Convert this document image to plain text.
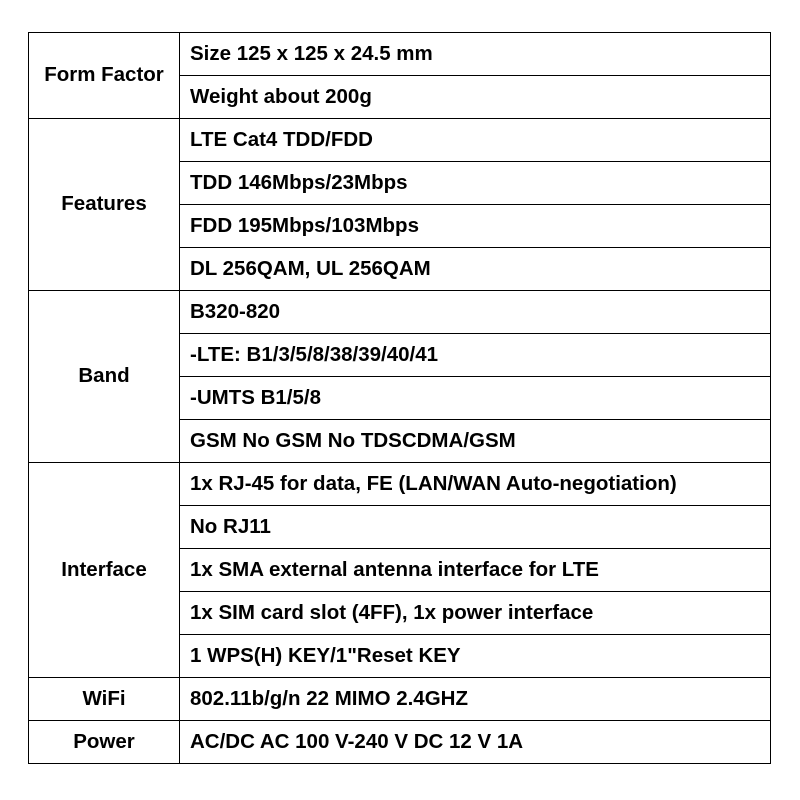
Form Factor	Size 125 x 125 x 24.5 mm
	Weight about 200g
Features	LTE Cat4 TDD/FDD
	TDD 146Mbps/23Mbps
	FDD 195Mbps/103Mbps
	DL 256QAM, UL 256QAM
Band	B320-820
	-LTE: B1/3/5/8/38/39/40/41
	-UMTS B1/5/8
	GSM No GSM No TDSCDMA/GSM
Interface	1x RJ-45 for data, FE (LAN/WAN Auto-negotiation)
	No RJ11
	1x SMA external antenna interface for LTE
	1x SIM card slot (4FF), 1x power interface
	1 WPS(H) KEY/1"Reset KEY
WiFi	802.11b/g/n 22 MIMO 2.4GHZ
Power	AC/DC AC 100 V-240 V DC 12 V 1A
